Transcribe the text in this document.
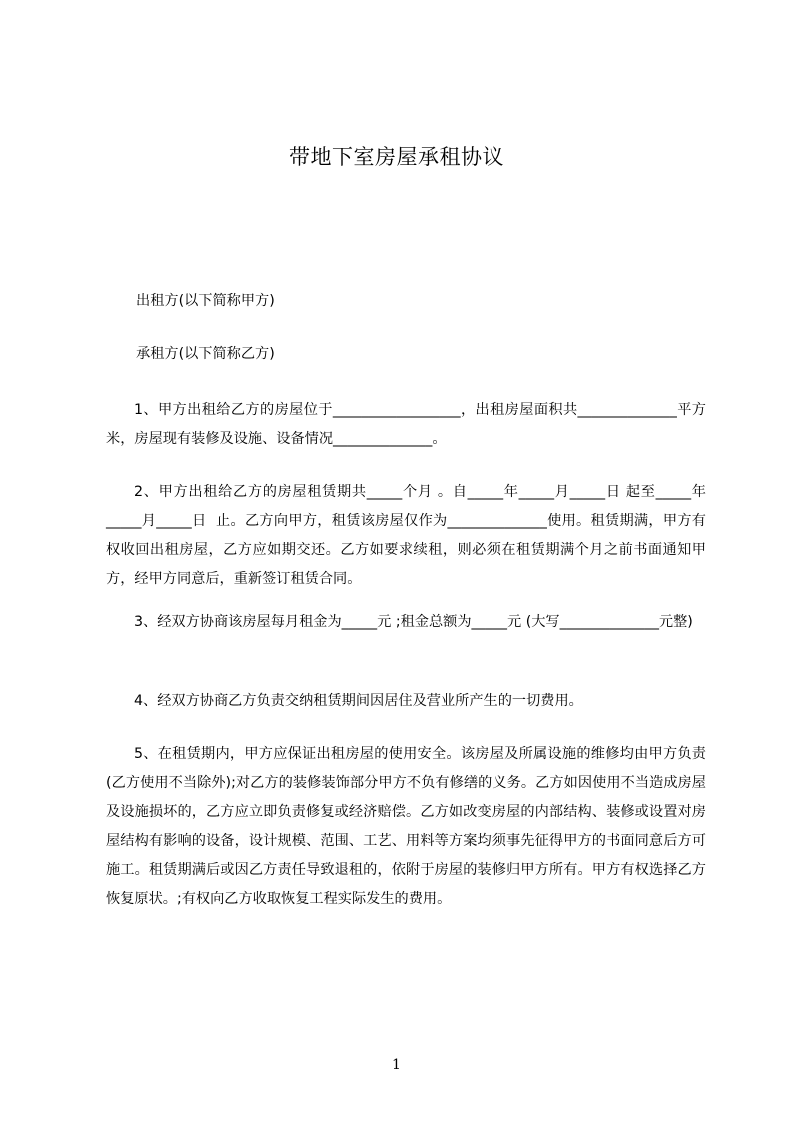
带地下室房屋承租协议
出租方(以下简称甲方)
承租方(以下简称乙方)
1、甲方出租给乙方的房屋位于__________________，出租房屋面积共______________平方米，房屋现有装修及设施、设备情况______________。
2、甲方出租给乙方的房屋租赁期共_____个月 。自_____年_____月_____日 起至_____年_____月_____日  止。乙方向甲方，租赁该房屋仅作为______________使用。租赁期满，甲方有权收回出租房屋，乙方应如期交还。乙方如要求续租，则必须在租赁期满个月之前书面通知甲方，经甲方同意后，重新签订租赁合同。
3、经双方协商该房屋每月租金为_____元 ;租金总额为_____元 (大写______________元整)
4、经双方协商乙方负责交纳租赁期间因居住及营业所产生的一切费用。
5、在租赁期内，甲方应保证出租房屋的使用安全。该房屋及所属设施的维修均由甲方负责(乙方使用不当除外);对乙方的装修装饰部分甲方不负有修缮的义务。乙方如因使用不当造成房屋及设施损坏的，乙方应立即负责修复或经济赔偿。乙方如改变房屋的内部结构、装修或设置对房屋结构有影响的设备，设计规模、范围、工艺、用料等方案均须事先征得甲方的书面同意后方可施工。租赁期满后或因乙方责任导致退租的，依附于房屋的装修归甲方所有。甲方有权选择乙方恢复原状。;有权向乙方收取恢复工程实际发生的费用。
1
